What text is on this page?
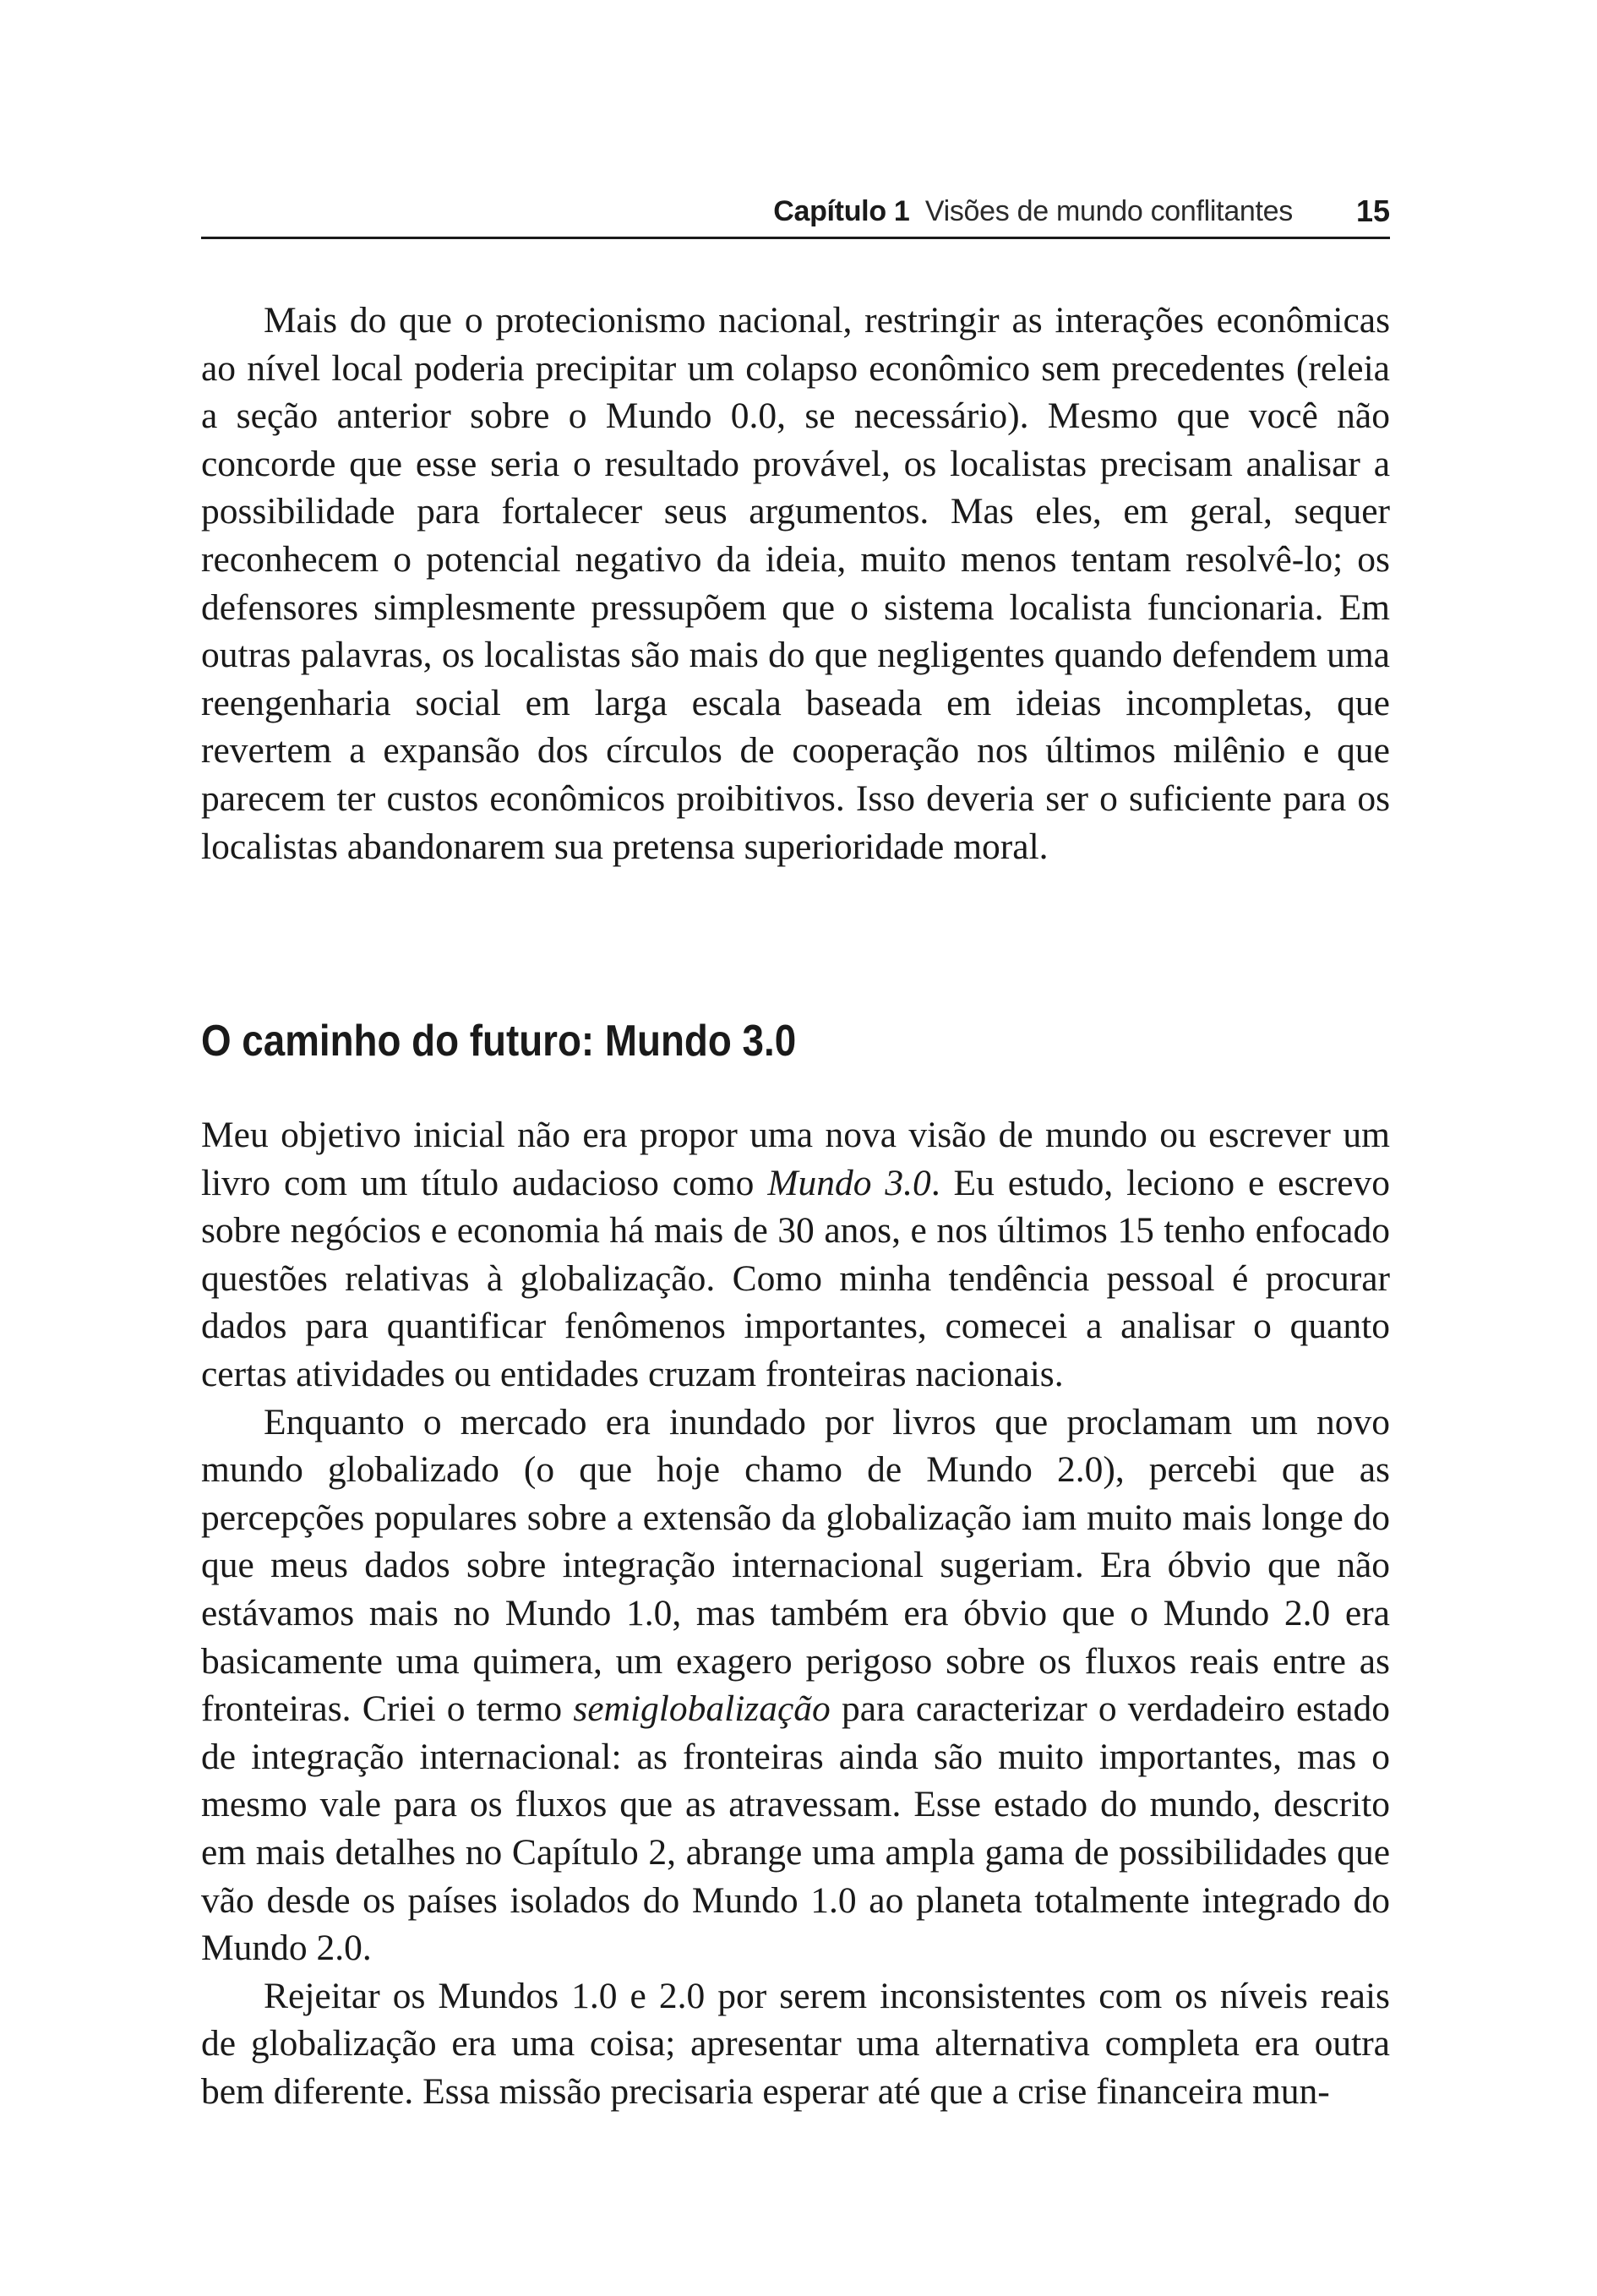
Capítulo 1 Visões de mundo conflitantes 15

Mais do que o protecionismo nacional, restringir as interações econômicas ao nível local poderia precipitar um colapso econômico sem precedentes (releia a seção anterior sobre o Mundo 0.0, se necessário). Mesmo que você não concorde que esse seria o resultado provável, os localistas precisam analisar a possibilidade para fortalecer seus argumentos. Mas eles, em geral, sequer reconhecem o potencial negativo da ideia, muito menos tentam resolvê-lo; os defensores simplesmente pressupõem que o sistema localista funcionaria. Em outras palavras, os localistas são mais do que negligentes quando defendem uma reengenharia social em larga escala baseada em ideias incompletas, que revertem a expansão dos círculos de cooperação nos últimos milênio e que parecem ter custos econômicos proibitivos. Isso deveria ser o suficiente para os localistas abandonarem sua pretensa superioridade moral.

O caminho do futuro: Mundo 3.0

Meu objetivo inicial não era propor uma nova visão de mundo ou escrever um livro com um título audacioso como Mundo 3.0. Eu estudo, leciono e escrevo sobre negócios e economia há mais de 30 anos, e nos últimos 15 tenho enfocado questões relativas à globalização. Como minha tendência pessoal é procurar dados para quantificar fenômenos importantes, comecei a analisar o quanto certas atividades ou entidades cruzam fronteiras nacionais.

Enquanto o mercado era inundado por livros que proclamam um novo mundo globalizado (o que hoje chamo de Mundo 2.0), percebi que as percepções populares sobre a extensão da globalização iam muito mais longe do que meus dados sobre integração internacional sugeriam. Era óbvio que não estávamos mais no Mundo 1.0, mas também era óbvio que o Mundo 2.0 era basicamente uma quimera, um exagero perigoso sobre os fluxos reais entre as fronteiras. Criei o termo semiglobalização para caracterizar o verdadeiro estado de integração internacional: as fronteiras ainda são muito importantes, mas o mesmo vale para os fluxos que as atravessam. Esse estado do mundo, descrito em mais detalhes no Capítulo 2, abrange uma ampla gama de possibilidades que vão desde os países isolados do Mundo 1.0 ao planeta totalmente integrado do Mundo 2.0.

Rejeitar os Mundos 1.0 e 2.0 por serem inconsistentes com os níveis reais de globalização era uma coisa; apresentar uma alternativa completa era outra bem diferente. Essa missão precisaria esperar até que a crise financeira mun-
